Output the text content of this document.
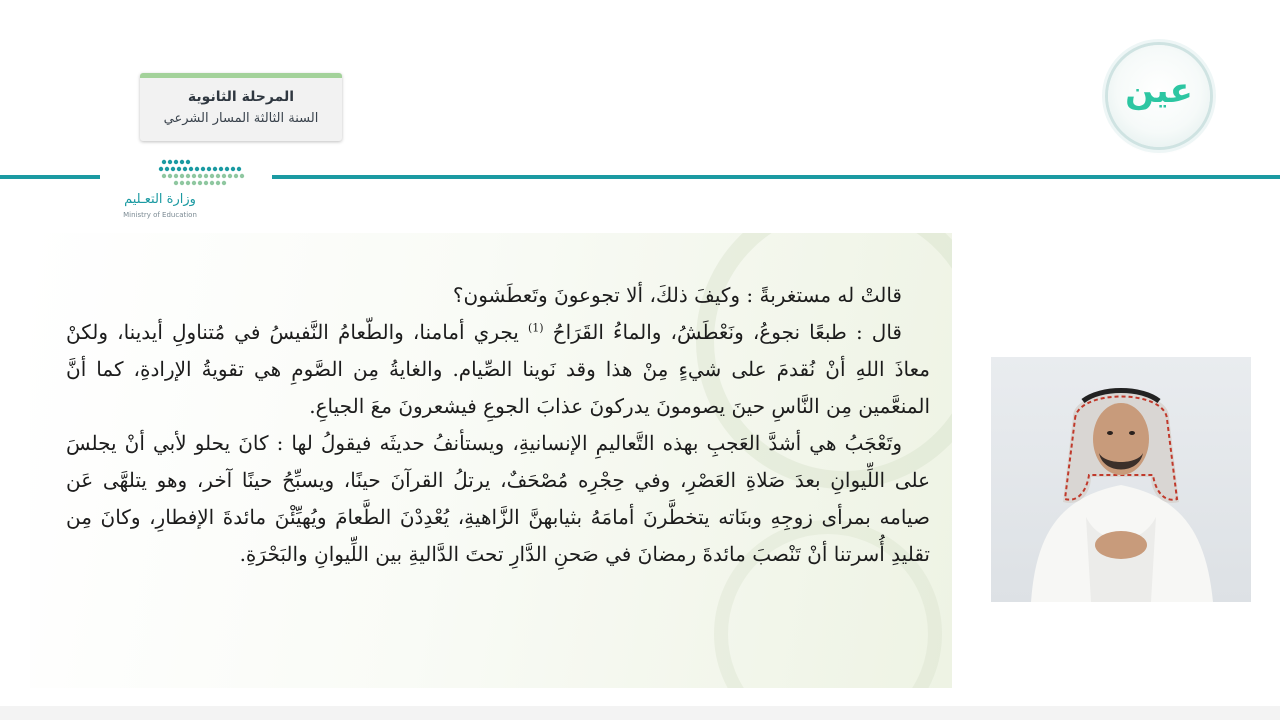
المرحلة الثانوية
السنة الثالثة المسار الشرعي
وزارة التعـليم
Ministry of Education
عين

قالتْ له مستغربةً : وكيفَ ذلكَ، ألا تجوعونَ وتَعطَشون؟

قال : طبعًا نجوعُ، ونَعْطَشُ، والماءُ القَرَاحُ $^{(1)}$ يجري أمامنا، والطّعامُ النَّفيسُ في مُتناولِ أيدينا، ولكنْ معاذَ اللهِ أنْ نُقدمَ على شيءٍ مِنْ هذا وقد نَوينا الصِّيام. والغايةُ مِن الصَّومِ هي تقويةُ الإرادةِ، كما أنَّ المنعَّمين مِن النَّاسِ حينَ يصومونَ يدركونَ عذابَ الجوعِ فيشعرونَ معَ الجياعِ.

وتَعْجَبُ هي أشدَّ العَجبِ بهذه التَّعاليمِ الإنسانيةِ، ويستأنفُ حديثَه فيقولُ لها : كانَ يحلو لأبي أنْ يجلسَ على اللِّيوانِ بعدَ صَلاةِ العَصْرِ، وفي حِجْرِه مُصْحَفٌ، يرتلُ القرآنَ حينًا، ويسبِّحُ حينًا آخر، وهو يتلهَّى عَن صيامه بمرأى زوجِهِ وبنَاته يتخطَّرنَ أمامَهُ بثيابهنَّ الزَّاهيةِ، يُعْدِدْنَ الطَّعامَ ويُهيِّئْنَ مائدةَ الإفطارِ، وكانَ مِن تقليدِ أُسرتنا أنْ تَنْصبَ مائدةَ رمضانَ في صَحنِ الدَّارِ تحتَ الدَّاليةِ بين اللِّيوانِ والبَحْرَةِ.
